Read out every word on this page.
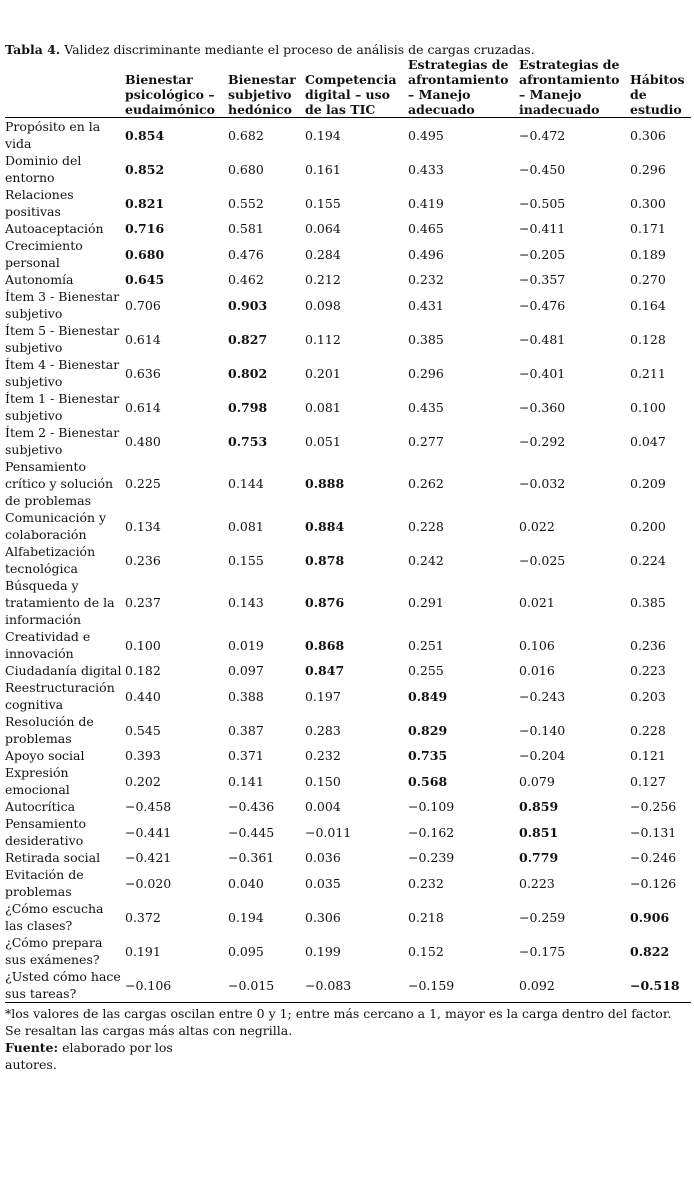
Tabla 4. Validez discriminante mediante el proceso de análisis de cargas cruzadas.
	Bienestar psicológico – eudaimónico	Bienestar subjetivo hedónico	Competencia digital – uso de las TIC	Estrategias de afrontamiento – Manejo adecuado	Estrategias de afrontamiento – Manejo inadecuado	Hábitos de estudio
Propósito en la vida	0.854	0.682	0.194	0.495	−0.472	0.306
Dominio del entorno	0.852	0.680	0.161	0.433	−0.450	0.296
Relaciones positivas	0.821	0.552	0.155	0.419	−0.505	0.300
Autoaceptación	0.716	0.581	0.064	0.465	−0.411	0.171
Crecimiento personal	0.680	0.476	0.284	0.496	−0.205	0.189
Autonomía	0.645	0.462	0.212	0.232	−0.357	0.270
Ítem 3 - Bienestar subjetivo	0.706	0.903	0.098	0.431	−0.476	0.164
Ítem 5 - Bienestar subjetivo	0.614	0.827	0.112	0.385	−0.481	0.128
Ítem 4 - Bienestar subjetivo	0.636	0.802	0.201	0.296	−0.401	0.211
Ítem 1 - Bienestar subjetivo	0.614	0.798	0.081	0.435	−0.360	0.100
Ítem 2 - Bienestar subjetivo	0.480	0.753	0.051	0.277	−0.292	0.047
Pensamiento crítico y solución de problemas	0.225	0.144	0.888	0.262	−0.032	0.209
Comunicación y colaboración	0.134	0.081	0.884	0.228	0.022	0.200
Alfabetización tecnológica	0.236	0.155	0.878	0.242	−0.025	0.224
Búsqueda y tratamiento de la información	0.237	0.143	0.876	0.291	0.021	0.385
Creatividad e innovación	0.100	0.019	0.868	0.251	0.106	0.236
Ciudadanía digital	0.182	0.097	0.847	0.255	0.016	0.223
Reestructuración cognitiva	0.440	0.388	0.197	0.849	−0.243	0.203
Resolución de problemas	0.545	0.387	0.283	0.829	−0.140	0.228
Apoyo social	0.393	0.371	0.232	0.735	−0.204	0.121
Expresión emocional	0.202	0.141	0.150	0.568	0.079	0.127
Autocrítica	−0.458	−0.436	0.004	−0.109	0.859	−0.256
Pensamiento desiderativo	−0.441	−0.445	−0.011	−0.162	0.851	−0.131
Retirada social	−0.421	−0.361	0.036	−0.239	0.779	−0.246
Evitación de problemas	−0.020	0.040	0.035	0.232	0.223	−0.126
¿Cómo escucha las clases?	0.372	0.194	0.306	0.218	−0.259	0.906
¿Cómo prepara sus exámenes?	0.191	0.095	0.199	0.152	−0.175	0.822
¿Usted cómo hace sus tareas?	−0.106	−0.015	−0.083	−0.159	0.092	−0.518
*los valores de las cargas oscilan entre 0 y 1; entre más cercano a 1, mayor es la carga dentro del factor. Se resaltan las cargas más altas con negrilla.
Fuente: elaborado por los autores.
